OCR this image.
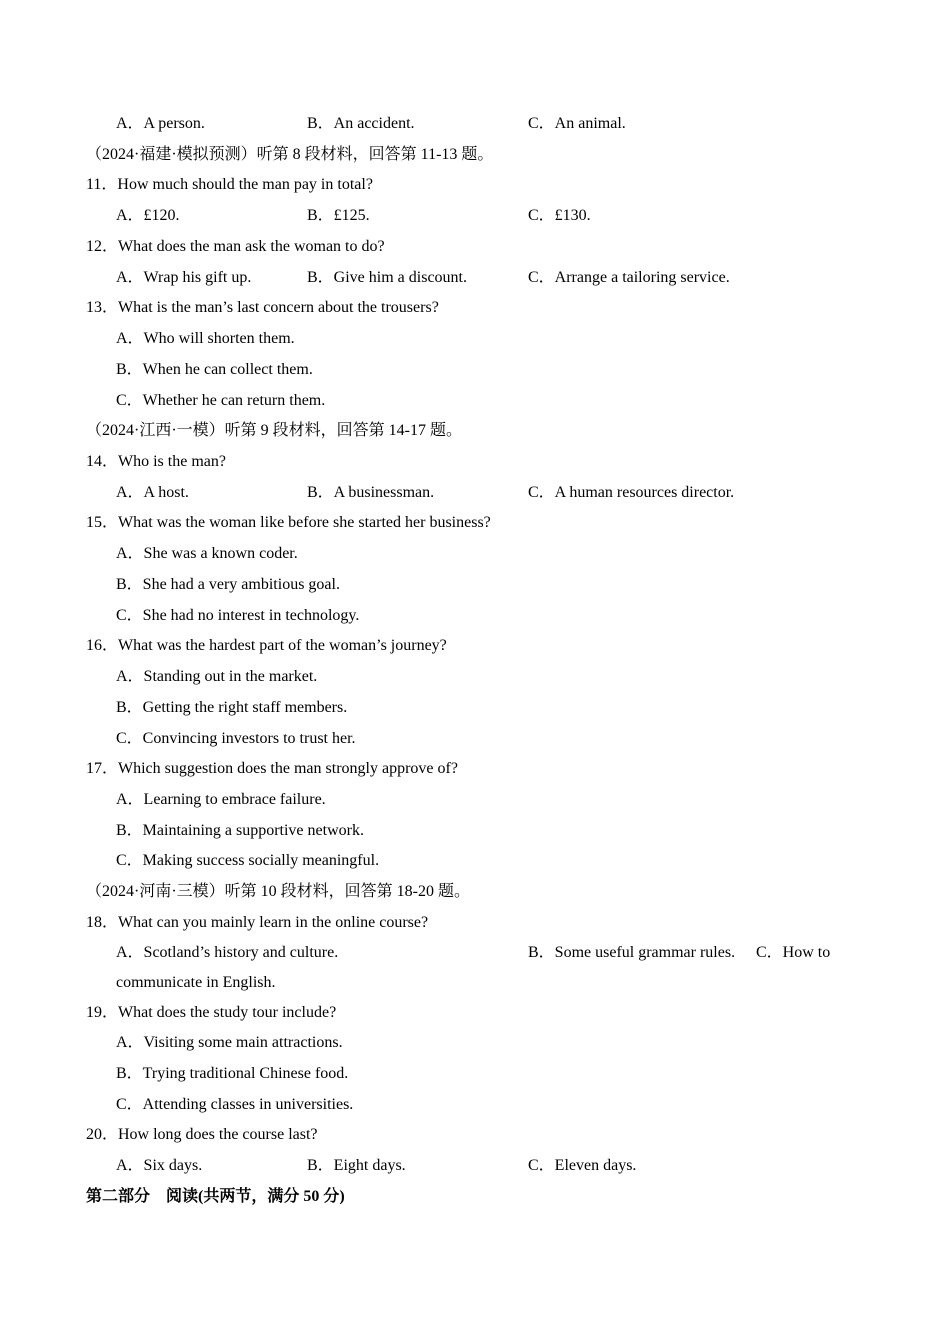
A．A person.	B．An accident.	C．An animal.
（2024·福建·模拟预测）听第 8 段材料，回答第 11-13 题。
11．How much should the man pay in total?
A．£120.	B．£125.	C．£130.
12．What does the man ask the woman to do?
A．Wrap his gift up.	B．Give him a discount.	C．Arrange a tailoring service.
13．What is the man’s last concern about the trousers?
A．Who will shorten them.
B．When he can collect them.
C．Whether he can return them.
（2024·江西·一模）听第 9 段材料，回答第 14-17 题。
14．Who is the man?
A．A host.	B．A businessman.	C．A human resources director.
15．What was the woman like before she started her business?
A．She was a known coder.
B．She had a very ambitious goal.
C．She had no interest in technology.
16．What was the hardest part of the woman’s journey?
A．Standing out in the market.
B．Getting the right staff members.
C．Convincing investors to trust her.
17．Which suggestion does the man strongly approve of?
A．Learning to embrace failure.
B．Maintaining a supportive network.
C．Making success socially meaningful.
（2024·河南·三模）听第 10 段材料，回答第 18-20 题。
18．What can you mainly learn in the online course?
A．Scotland’s history and culture.	B．Some useful grammar rules. C．How to
communicate in English.
19．What does the study tour include?
A．Visiting some main attractions.
B．Trying traditional Chinese food.
C．Attending classes in universities.
20．How long does the course last?
A．Six days.	B．Eight days.	C．Eleven days.
第二部分　阅读(共两节，满分 50 分)
